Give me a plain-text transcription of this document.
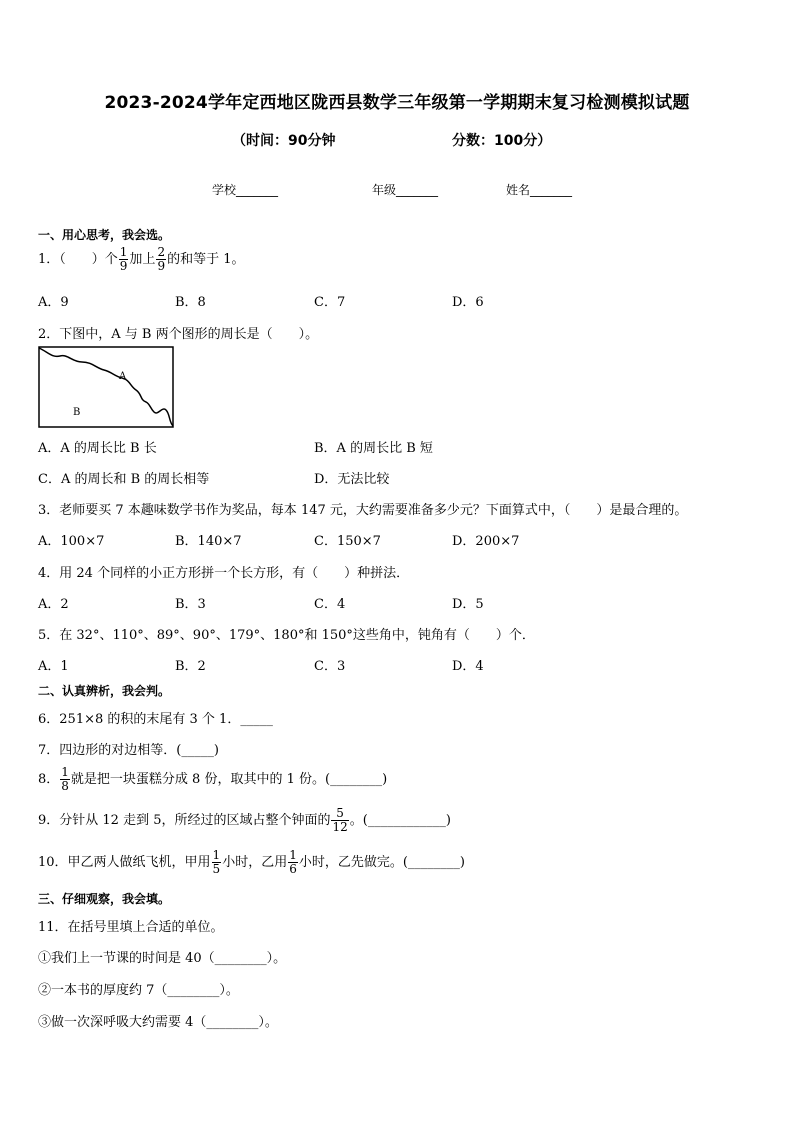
2023-2024学年定西地区陇西县数学三年级第一学期期末复习检测模拟试题
（时间：90分钟	分数：100分）
学校_______	年级_______	姓名_______
一、用心思考，我会选。
1．（　　）个 $\frac{1}{9}$ 加上 $\frac{2}{9}$ 的和等于 1。
A．9	B．8	C．7	D．6
2．下图中，A 与 B 两个图形的周长是（　　）。
A
B
A．A 的周长比 B 长	B．A 的周长比 B 短
C．A 的周长和 B 的周长相等	D．无法比较
3．老师要买 7 本趣味数学书作为奖品，每本 147 元，大约需要准备多少元？下面算式中，（　　）是最合理的。
A．100×7	B．140×7	C．150×7	D．200×7
4．用 24 个同样的小正方形拼一个长方形，有（　　）种拼法．
A．2	B．3	C．4	D．5
5．在 32°、110°、89°、90°、179°、180°和 150°这些角中，钝角有（　　）个．
A．1	B．2	C．3	D．4
二、认真辨析，我会判。
6．251×8 的积的末尾有 3 个 1．_____
7．四边形的对边相等．(_____)
8． $\frac{1}{8}$ 就是把一块蛋糕分成 8 份，取其中的 1 份。(________)
9．分针从 12 走到 5，所经过的区域占整个钟面的 $\frac{5}{12}$ 。(____________)
10．甲乙两人做纸飞机，甲用 $\frac{1}{5}$ 小时，乙用 $\frac{1}{6}$ 小时，乙先做完。(________)
三、仔细观察，我会填。
11．在括号里填上合适的单位。
①我们上一节课的时间是 40（________）。
②一本书的厚度约 7（________）。
③做一次深呼吸大约需要 4（________）。
